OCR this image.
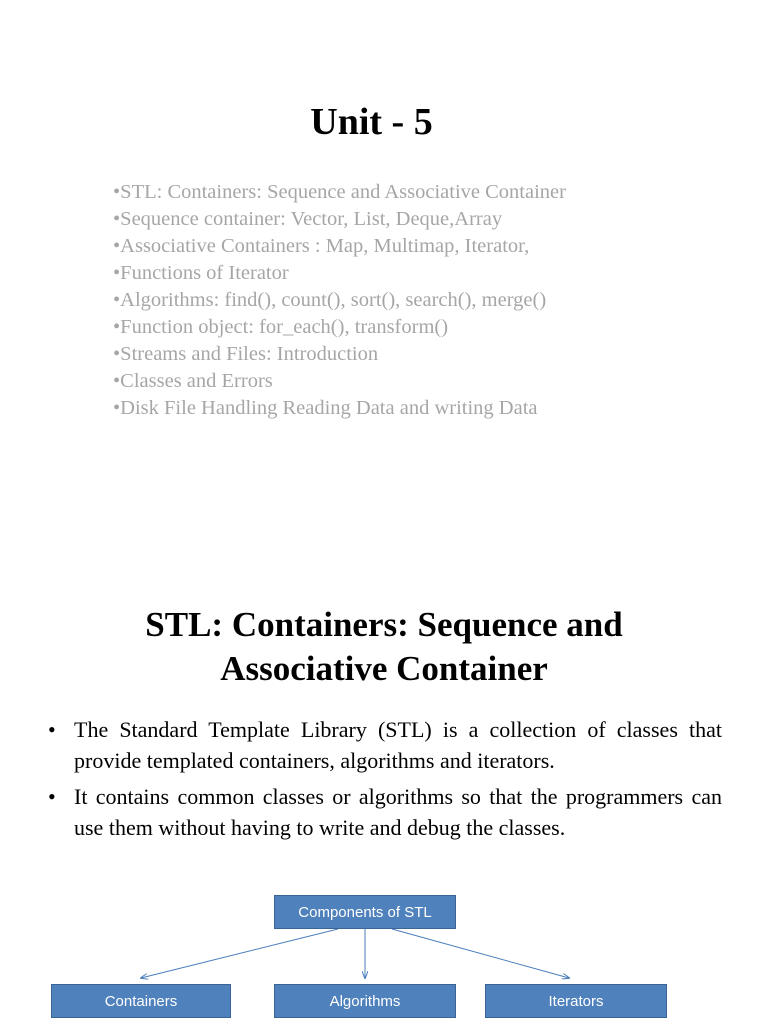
Unit - 5
•STL: Containers: Sequence and Associative Container
•Sequence container: Vector, List, Deque,Array
•Associative Containers : Map, Multimap, Iterator,
•Functions of Iterator
•Algorithms: find(), count(), sort(), search(), merge()
•Function object: for_each(), transform()
•Streams and Files: Introduction
•Classes and Errors
•Disk File Handling Reading Data and writing Data
STL: Containers: Sequence and
Associative Container
• The Standard Template Library (STL) is a collection of classes that provide templated containers, algorithms and iterators.
• It contains common classes or algorithms so that the programmers can use them without having to write and debug the classes.
Components of STL
Containers	Algorithms	Iterators
